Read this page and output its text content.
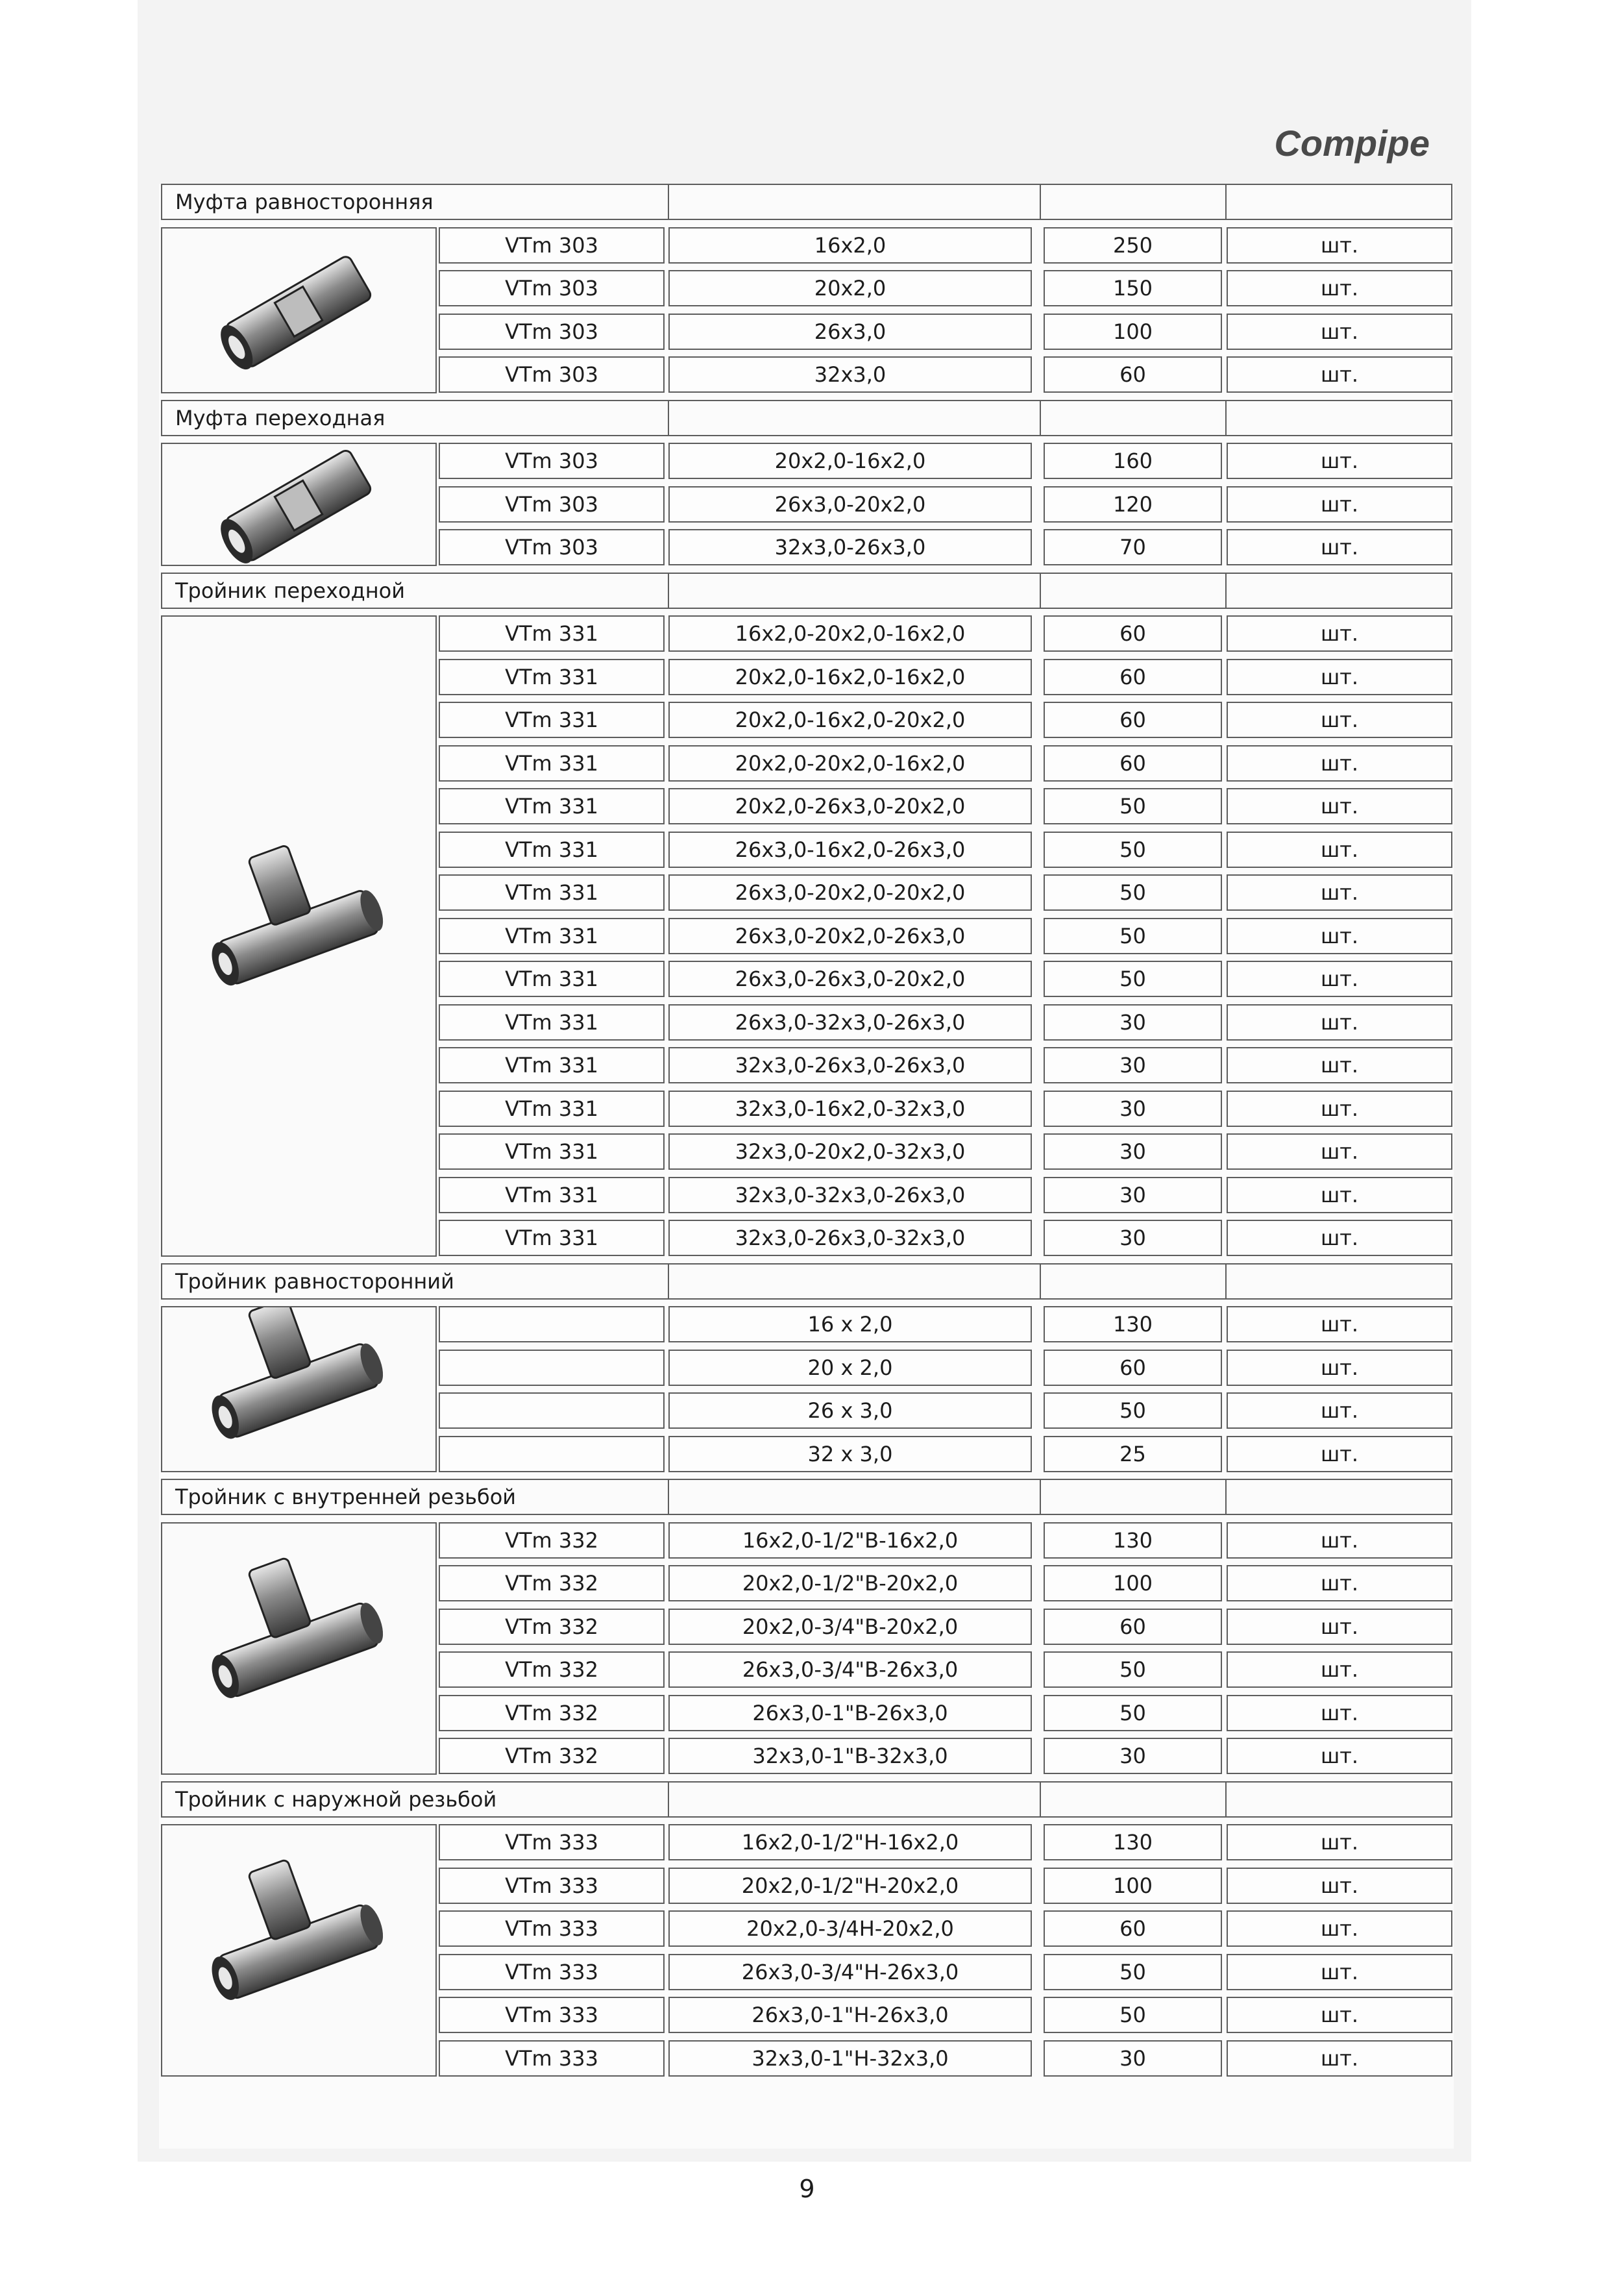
Compipe
Муфта равносторонняя
VTm 303	16x2,0	250	шт.
VTm 303	20x2,0	150	шт.
VTm 303	26x3,0	100	шт.
VTm 303	32x3,0	60	шт.
Муфта переходная
VTm 303	20x2,0-16x2,0	160	шт.
VTm 303	26x3,0-20x2,0	120	шт.
VTm 303	32x3,0-26x3,0	70	шт.
Тройник переходной
VTm 331	16x2,0-20x2,0-16x2,0	60	шт.
VTm 331	20x2,0-16x2,0-16x2,0	60	шт.
VTm 331	20x2,0-16x2,0-20x2,0	60	шт.
VTm 331	20x2,0-20x2,0-16x2,0	60	шт.
VTm 331	20x2,0-26x3,0-20x2,0	50	шт.
VTm 331	26x3,0-16x2,0-26x3,0	50	шт.
VTm 331	26x3,0-20x2,0-20x2,0	50	шт.
VTm 331	26x3,0-20x2,0-26x3,0	50	шт.
VTm 331	26x3,0-26x3,0-20x2,0	50	шт.
VTm 331	26x3,0-32x3,0-26x3,0	30	шт.
VTm 331	32x3,0-26x3,0-26x3,0	30	шт.
VTm 331	32x3,0-16x2,0-32x3,0	30	шт.
VTm 331	32x3,0-20x2,0-32x3,0	30	шт.
VTm 331	32x3,0-32x3,0-26x3,0	30	шт.
VTm 331	32x3,0-26x3,0-32x3,0	30	шт.
Тройник равносторонний
16 x 2,0	130	шт.
20 x 2,0	60	шт.
26 x 3,0	50	шт.
32 x 3,0	25	шт.
Тройник с внутренней резьбой
VTm 332	16x2,0-1/2"B-16x2,0	130	шт.
VTm 332	20x2,0-1/2"B-20x2,0	100	шт.
VTm 332	20x2,0-3/4"B-20x2,0	60	шт.
VTm 332	26x3,0-3/4"B-26x3,0	50	шт.
VTm 332	26x3,0-1"B-26x3,0	50	шт.
VTm 332	32x3,0-1"B-32x3,0	30	шт.
Тройник с наружной резьбой
VTm 333	16x2,0-1/2"H-16x2,0	130	шт.
VTm 333	20x2,0-1/2"H-20x2,0	100	шт.
VTm 333	20x2,0-3/4H-20x2,0	60	шт.
VTm 333	26x3,0-3/4"H-26x3,0	50	шт.
VTm 333	26x3,0-1"H-26x3,0	50	шт.
VTm 333	32x3,0-1"H-32x3,0	30	шт.
9
